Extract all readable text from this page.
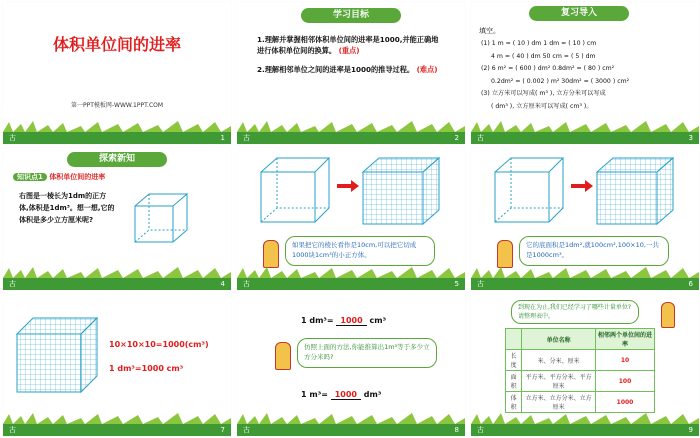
体积单位间的进率
第一PPT模板网-WWW.1PPT.COM
古	1
学习目标
1.理解并掌握相邻体积单位间的进率是1000,并能正确地进行体积单位间的换算。 (重点)
2.理解相邻单位之间的进率是1000的推导过程。 (难点)
古	2
复习导入
填空。
(1) 1 m = ( 10 ) dm 1 dm = ( 10 ) cm
4 m = ( 40 ) dm 50 cm = ( 5 ) dm
(2) 6 m² = ( 600 ) dm² 0.8dm² = ( 80 ) cm²
0.2dm² = ( 0.002 ) m² 30dm² = ( 3000 ) cm²
(3) 立方米可以写成( m³ ), 立方分米可以写成
( dm³ ), 立方厘米可以写成( cm³ )。
古	3
探索新知
知识点1 体积单位间的进率
右图是一棱长为1dm的正方体,体积是1dm³。想一想,它的体积是多少立方厘米呢?
古	4
如果把它的棱长看作是10cm,可以把它切成1000块1cm³的小正方体。
古	5
它的底面积是1dm²,就100cm²,100×10,一共是1000cm³。
古	6
10×10×10=1000(cm³)
1 dm³=1000 cm³
古	7
1 dm³= 1000 cm³
仿照上面的方法,你能推算出1m³等于多少立方分米吗?
1 m³= 1000 dm³
古	8
到现在为止,我们已经学习了哪些计量单位?请整理表中。
	单位名称	相邻两个单位间的进率
长度	米、分米、厘米	10
面积	平方米、平方分米、平方厘米	100
体积	立方米、立方分米、立方厘米	1000
古	9
